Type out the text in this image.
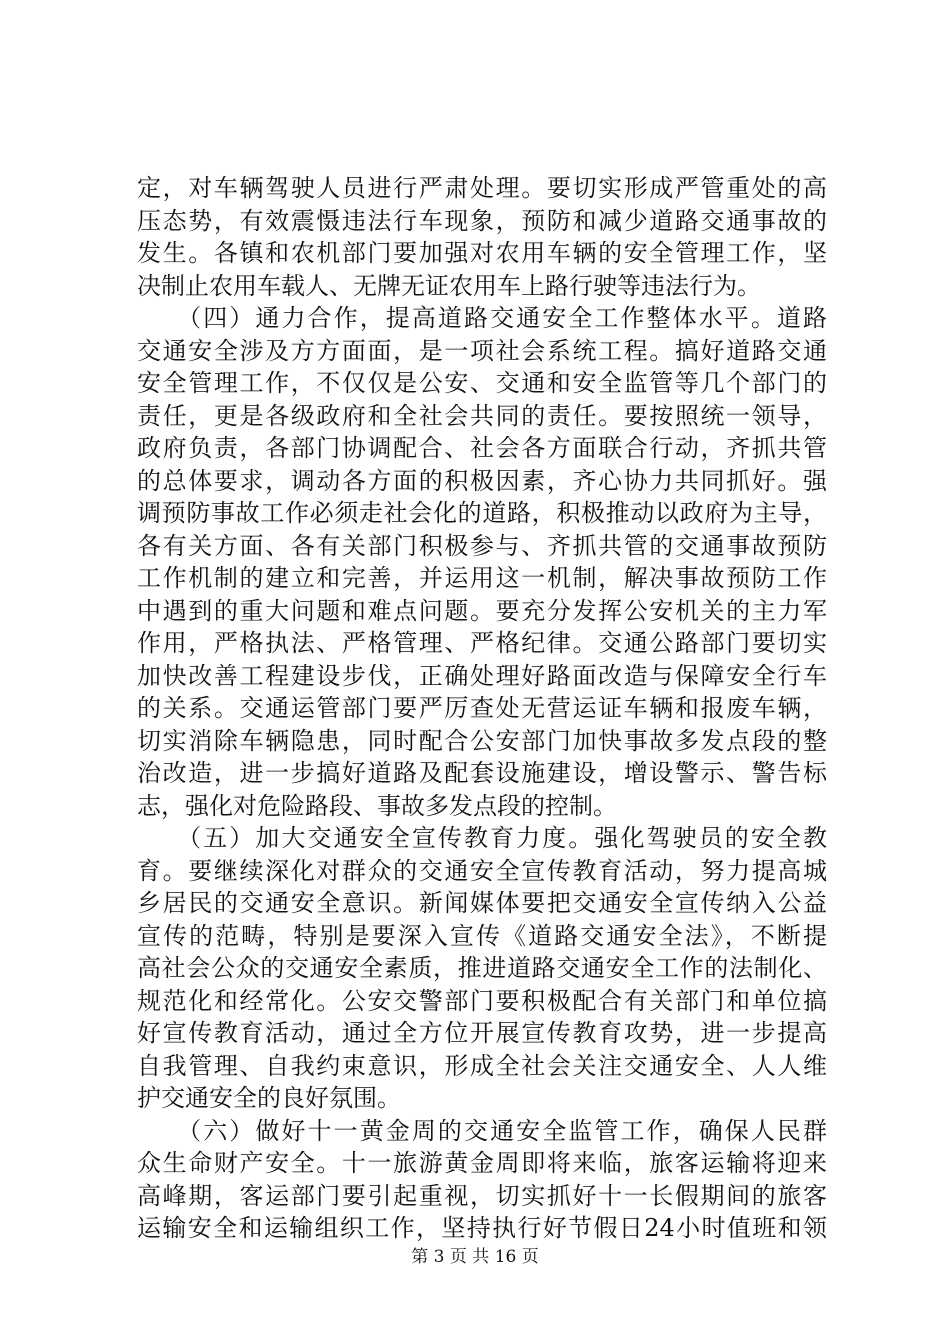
定，对车辆驾驶人员进行严肃处理。要切实形成严管重处的高
压态势，有效震慑违法行车现象，预防和减少道路交通事故的
发生。各镇和农机部门要加强对农用车辆的安全管理工作，坚
决制止农用车载人、无牌无证农用车上路行驶等违法行为。
　　（四）通力合作，提高道路交通安全工作整体水平。道路
交通安全涉及方方面面，是一项社会系统工程。搞好道路交通
安全管理工作，不仅仅是公安、交通和安全监管等几个部门的
责任，更是各级政府和全社会共同的责任。要按照统一领导，
政府负责，各部门协调配合、社会各方面联合行动，齐抓共管
的总体要求，调动各方面的积极因素，齐心协力共同抓好。强
调预防事故工作必须走社会化的道路，积极推动以政府为主导，
各有关方面、各有关部门积极参与、齐抓共管的交通事故预防
工作机制的建立和完善，并运用这一机制，解决事故预防工作
中遇到的重大问题和难点问题。要充分发挥公安机关的主力军
作用，严格执法、严格管理、严格纪律。交通公路部门要切实
加快改善工程建设步伐，正确处理好路面改造与保障安全行车
的关系。交通运管部门要严厉查处无营运证车辆和报废车辆，
切实消除车辆隐患，同时配合公安部门加快事故多发点段的整
治改造，进一步搞好道路及配套设施建设，增设警示、警告标
志，强化对危险路段、事故多发点段的控制。
　　（五）加大交通安全宣传教育力度。强化驾驶员的安全教
育。要继续深化对群众的交通安全宣传教育活动，努力提高城
乡居民的交通安全意识。新闻媒体要把交通安全宣传纳入公益
宣传的范畴，特别是要深入宣传《道路交通安全法》，不断提
高社会公众的交通安全素质，推进道路交通安全工作的法制化、
规范化和经常化。公安交警部门要积极配合有关部门和单位搞
好宣传教育活动，通过全方位开展宣传教育攻势，进一步提高
自我管理、自我约束意识，形成全社会关注交通安全、人人维
护交通安全的良好氛围。
　　（六）做好十一黄金周的交通安全监管工作，确保人民群
众生命财产安全。十一旅游黄金周即将来临，旅客运输将迎来
高峰期，客运部门要引起重视，切实抓好十一长假期间的旅客
运输安全和运输组织工作，坚持执行好节假日24小时值班和领
第 3 页 共 16 页
